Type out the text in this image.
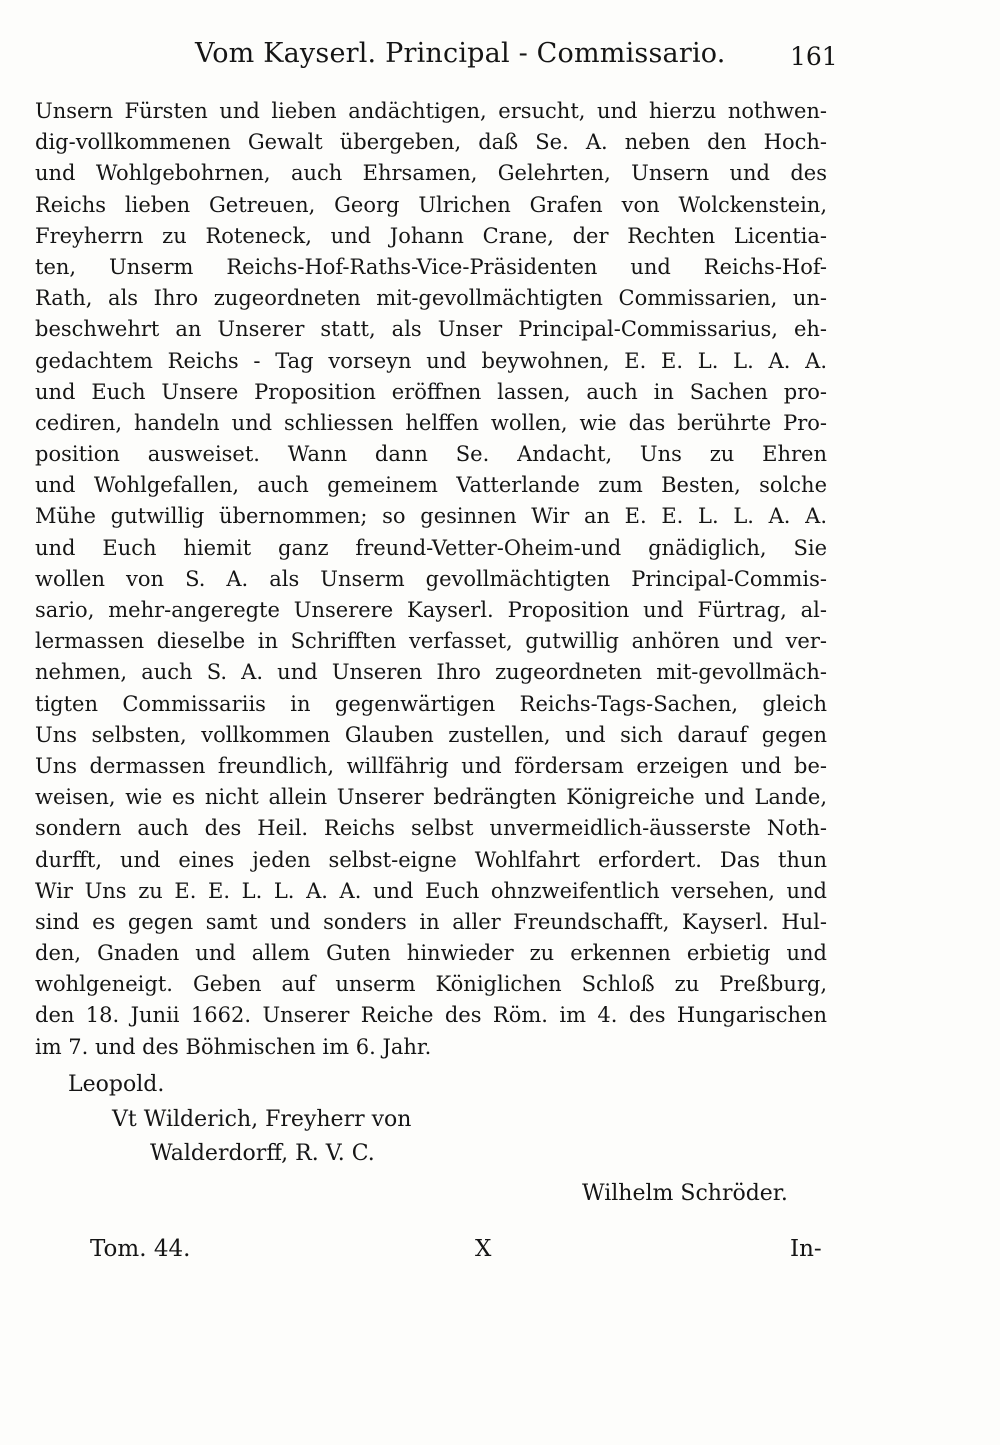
Vom Kayserl. Principal - Commissario.	161
Unsern Fürsten und lieben andächtigen, ersucht, und hierzu nothwen-
dig-vollkommenen Gewalt übergeben, daß Se. A. neben den Hoch-
und Wohlgebohrnen, auch Ehrsamen, Gelehrten, Unsern und des
Reichs lieben Getreuen, Georg Ulrichen Grafen von Wolckenstein,
Freyherrn zu Roteneck, und Johann Crane, der Rechten Licentia-
ten, Unserm Reichs-Hof-Raths-Vice-Präsidenten und Reichs-Hof-
Rath, als Ihro zugeordneten mit-gevollmächtigten Commissarien, un-
beschwehrt an Unserer statt, als Unser Principal-Commissarius, eh-
gedachtem Reichs - Tag vorseyn und beywohnen, E. E. L. L. A. A.
und Euch Unsere Proposition eröffnen lassen, auch in Sachen pro-
cediren, handeln und schliessen helffen wollen, wie das berührte Pro-
position ausweiset. Wann dann Se. Andacht, Uns zu Ehren
und Wohlgefallen, auch gemeinem Vatterlande zum Besten, solche
Mühe gutwillig übernommen; so gesinnen Wir an E. E. L. L. A. A.
und Euch hiemit ganz freund-Vetter-Oheim-und gnädiglich, Sie
wollen von S. A. als Unserm gevollmächtigten Principal-Commis-
sario, mehr-angeregte Unserere Kayserl. Proposition und Fürtrag, al-
lermassen dieselbe in Schrifften verfasset, gutwillig anhören und ver-
nehmen, auch S. A. und Unseren Ihro zugeordneten mit-gevollmäch-
tigten Commissariis in gegenwärtigen Reichs-Tags-Sachen, gleich
Uns selbsten, vollkommen Glauben zustellen, und sich darauf gegen
Uns dermassen freundlich, willfährig und fördersam erzeigen und be-
weisen, wie es nicht allein Unserer bedrängten Königreiche und Lande,
sondern auch des Heil. Reichs selbst unvermeidlich-äusserste Noth-
durfft, und eines jeden selbst-eigne Wohlfahrt erfordert. Das thun
Wir Uns zu E. E. L. L. A. A. und Euch ohnzweifentlich versehen, und
sind es gegen samt und sonders in aller Freundschafft, Kayserl. Hul-
den, Gnaden und allem Guten hinwieder zu erkennen erbietig und
wohlgeneigt. Geben auf unserm Königlichen Schloß zu Preßburg,
den 18. Junii 1662. Unserer Reiche des Röm. im 4. des Hungarischen
im 7. und des Böhmischen im 6. Jahr.
Leopold.
Vt Wilderich, Freyherr von
Walderdorff, R. V. C.
Wilhelm Schröder.
Tom. 44.	X	In-
